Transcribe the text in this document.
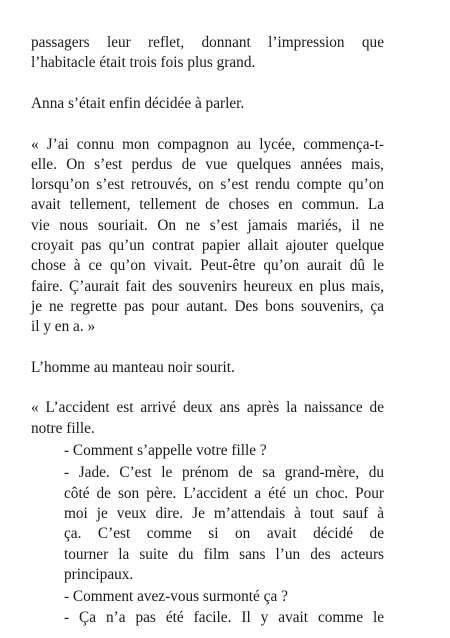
passagers leur reflet, donnant l’impression que
l’habitacle était trois fois plus grand.
Anna s’était enfin décidée à parler.
« J’ai connu mon compagnon au lycée, commença-t-
elle. On s’est perdus de vue quelques années mais,
lorsqu’on s’est retrouvés, on s’est rendu compte qu’on
avait tellement, tellement de choses en commun. La
vie nous souriait. On ne s’est jamais mariés, il ne
croyait pas qu’un contrat papier allait ajouter quelque
chose à ce qu’on vivait. Peut-être qu’on aurait dû le
faire. Ç’aurait fait des souvenirs heureux en plus mais,
je ne regrette pas pour autant. Des bons souvenirs, ça
il y en a. »
L’homme au manteau noir sourit.
« L’accident est arrivé deux ans après la naissance de
notre fille.
- Comment s’appelle votre fille ?
- Jade. C’est le prénom de sa grand-mère, du
côté de son père. L’accident a été un choc. Pour
moi je veux dire. Je m’attendais à tout sauf à
ça. C’est comme si on avait décidé de
tourner la suite du film sans l’un des acteurs
principaux.
- Comment avez-vous surmonté ça ?
- Ça n’a pas été facile. Il y avait comme le
